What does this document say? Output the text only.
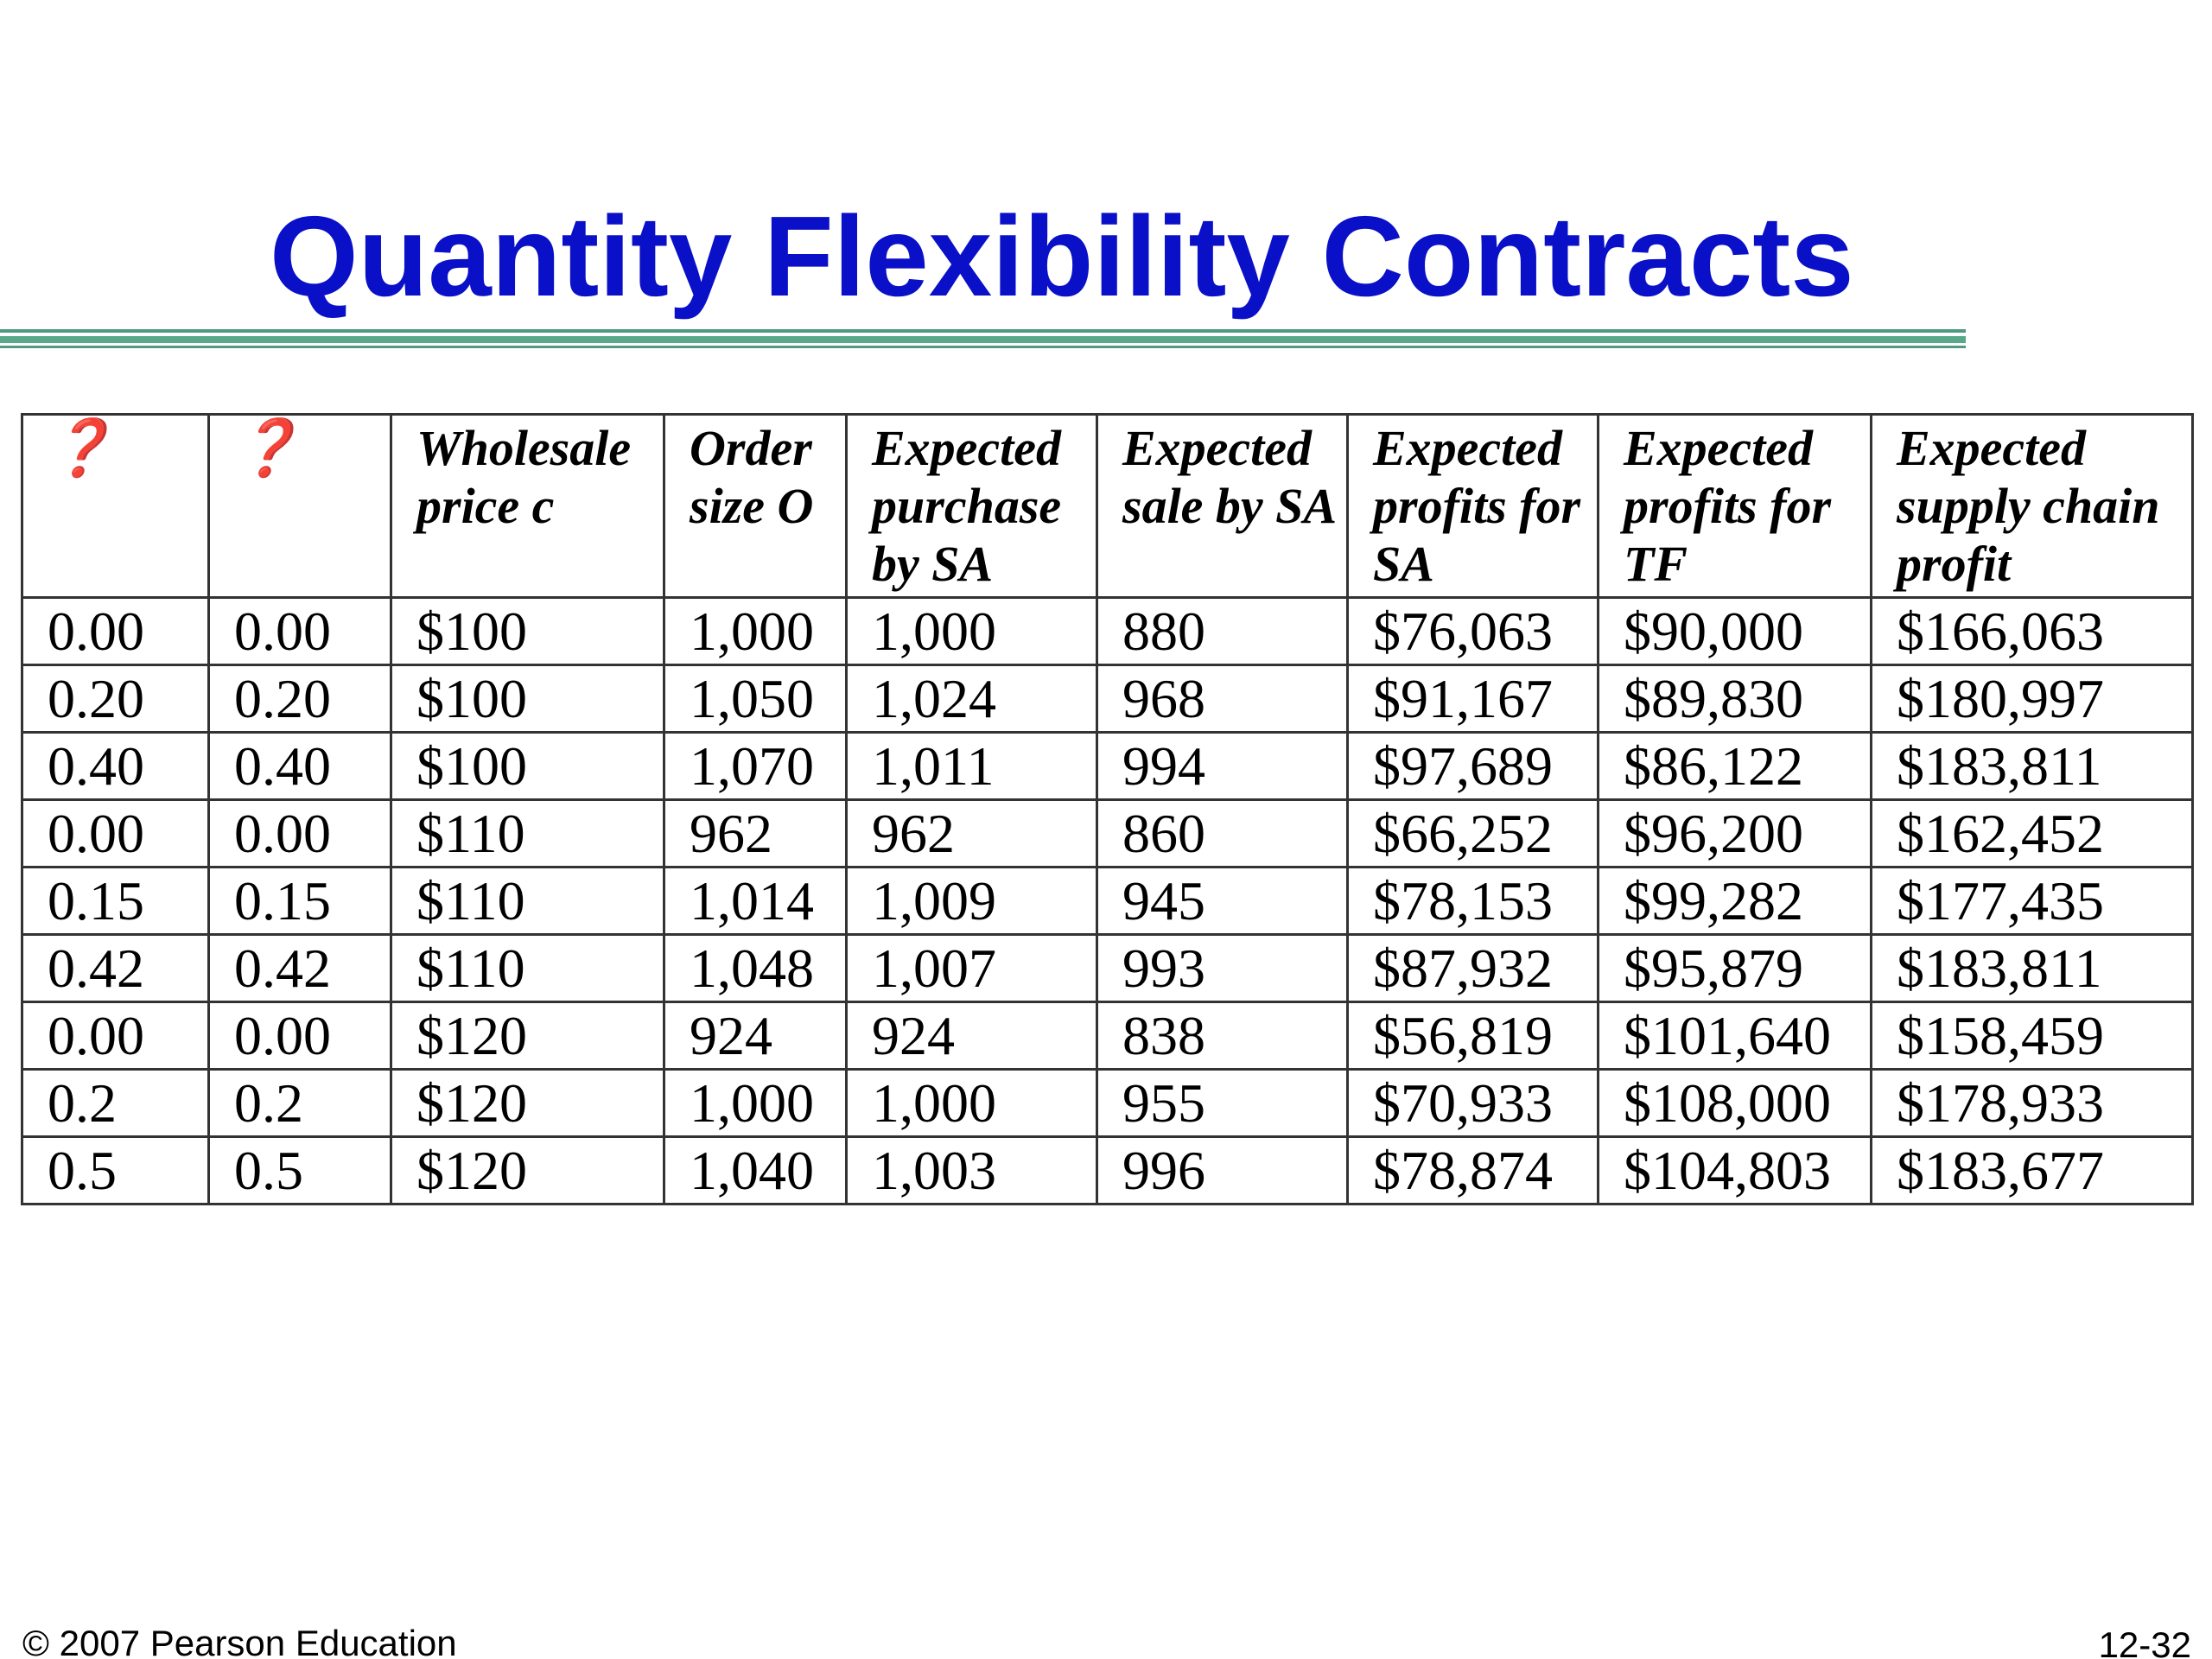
Quantity Flexibility Contracts
❓	❓	Wholesale price c	Order size O	Expected purchase by SA	Expected sale by SA	Expected profits for SA	Expected profits for TF	Expected supply chain profit
0.00	0.00	$100	1,000	1,000	880	$76,063	$90,000	$166,063
0.20	0.20	$100	1,050	1,024	968	$91,167	$89,830	$180,997
0.40	0.40	$100	1,070	1,011	994	$97,689	$86,122	$183,811
0.00	0.00	$110	962	962	860	$66,252	$96,200	$162,452
0.15	0.15	$110	1,014	1,009	945	$78,153	$99,282	$177,435
0.42	0.42	$110	1,048	1,007	993	$87,932	$95,879	$183,811
0.00	0.00	$120	924	924	838	$56,819	$101,640	$158,459
0.2	0.2	$120	1,000	1,000	955	$70,933	$108,000	$178,933
0.5	0.5	$120	1,040	1,003	996	$78,874	$104,803	$183,677
© 2007 Pearson Education	12-32
